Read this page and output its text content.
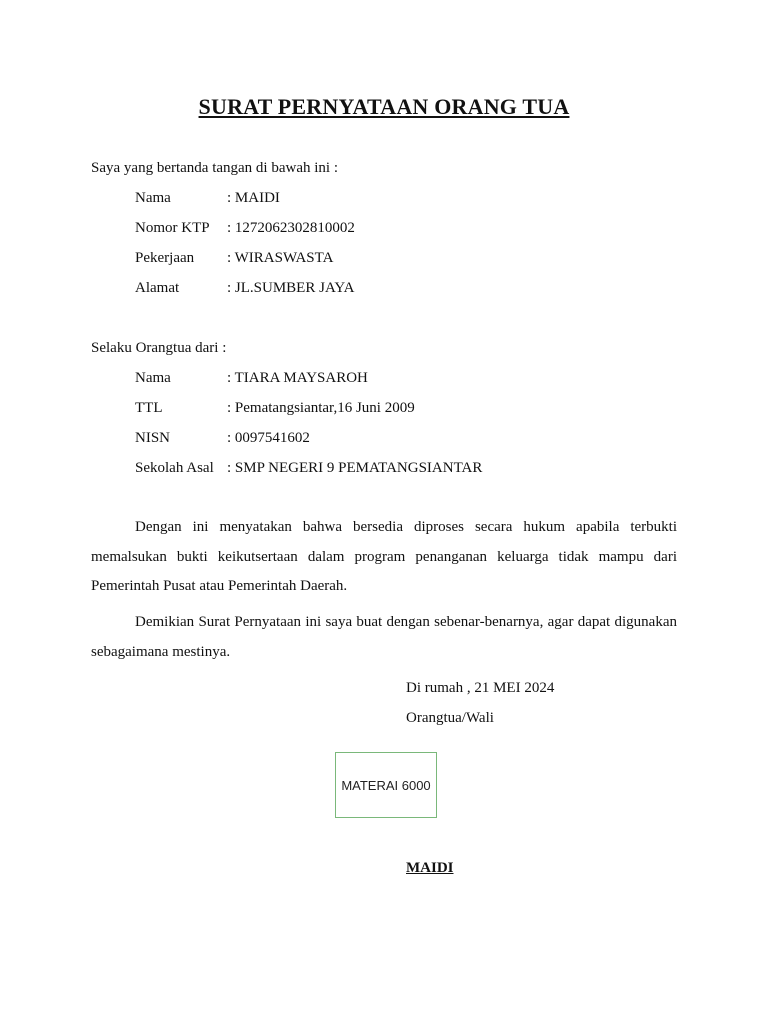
SURAT PERNYATAAN ORANG TUA
Saya yang bertanda tangan di bawah ini :
Nama	: MAIDI
Nomor KTP : 1272062302810002
Pekerjaan : WIRASWASTA
Alamat	: JL.SUMBER JAYA
Selaku Orangtua dari :
Nama	: TIARA MAYSAROH
TTL	: Pematangsiantar,16 Juni 2009
NISN	: 0097541602
Sekolah Asal : SMP NEGERI 9 PEMATANGSIANTAR
Dengan ini menyatakan bahwa bersedia diproses secara hukum apabila terbukti memalsukan bukti keikutsertaan dalam program penanganan keluarga tidak mampu dari Pemerintah Pusat atau Pemerintah Daerah.
Demikian Surat Pernyataan ini saya buat dengan sebenar-benarnya, agar dapat digunakan sebagaimana mestinya.
Di rumah , 21 MEI 2024
Orangtua/Wali
MATERAI 6000
MAIDI
